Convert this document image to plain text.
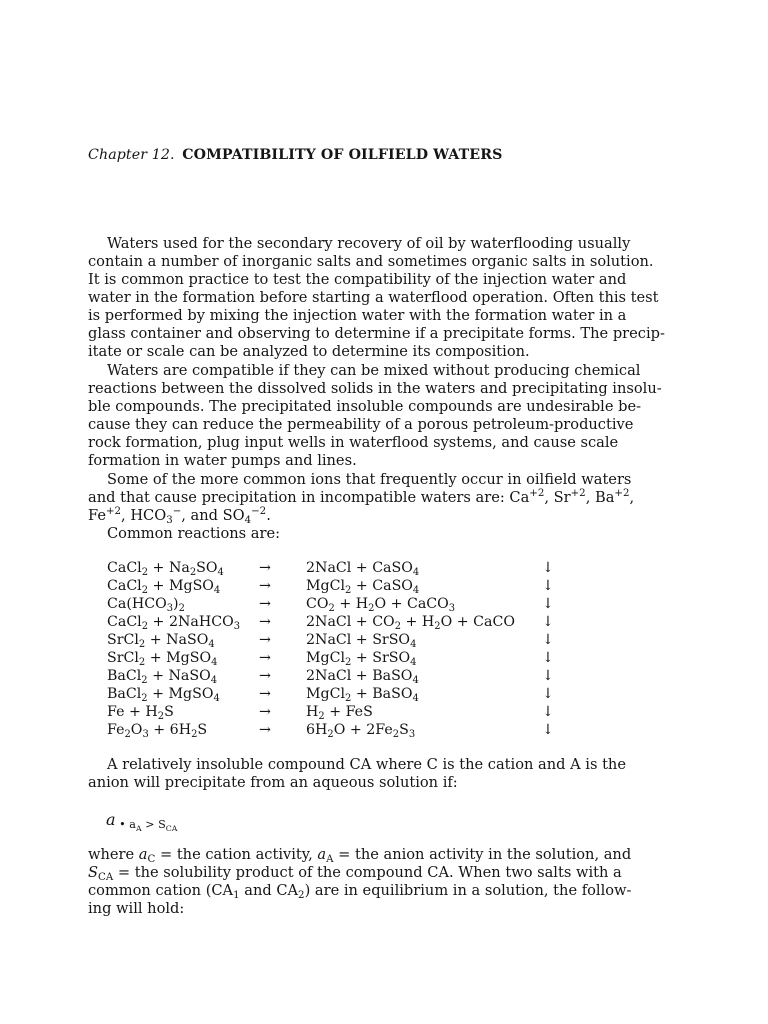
Chapter 12. COMPATIBILITY OF OILFIELD WATERS
Waters used for the secondary recovery of oil by waterflooding usually
contain a number of inorganic salts and sometimes organic salts in solution.
It is common practice to test the compatibility of the injection water and
water in the formation before starting a waterflood operation. Often this test
is performed by mixing the injection water with the formation water in a
glass container and observing to determine if a precipitate forms. The precip-
itate or scale can be analyzed to determine its composition.
Waters are compatible if they can be mixed without producing chemical
reactions between the dissolved solids in the waters and precipitating insolu-
ble compounds. The precipitated insoluble compounds are undesirable be-
cause they can reduce the permeability of a porous petroleum-productive
rock formation, plug input wells in waterflood systems, and cause scale
formation in water pumps and lines.
Some of the more common ions that frequently occur in oilfield waters
and that cause precipitation in incompatible waters are: $Ca^{+2}$, $Sr^{+2}$, $Ba^{+2}$,
$Fe^{+2}$, $HCO_3^-$, and $SO_4^{-2}$.
Common reactions are:
CaCl$_2$ + $Na_2SO_4$ → 2NaCl + CaSO$_4$	↓
CaCl$_2$ + MgSO$_4$	→ MgCl$_2$ + CaSO$_4$	↓
$Ca(HCO_3)_2$	→ $CO_2 + H_2O$ + CaCO$_3$	↓
CaCl$_2$ + 2NaHCO$_3$ → 2NaCl + $CO_2 + H_2O$ + CaCO ↓
SrCl$_2$ + NaSO$_4$	→ 2NaCl + SrSO$_4$	↓
SrCl$_2$ + MgSO$_4$	→ MgCl$_2$ + SrSO$_4$	↓
BaCl$_2$ + NaSO$_4$	→ 2NaCl + BaSO$_4$	↓
BaCl$_2$ + MgSO$_4$	→ MgCl$_2$ + BaSO$_4$	↓
$Fe + H_2S$	→ $H_2$ + FeS	↓
$Fe_2O_3 + 6H_2S$	→ $6H_2O + 2Fe_2S_3$	↓
A relatively insoluble compound CA where C is the cation and A is the
anion will precipitate from an aqueous solution if:
a $_{• a_A > S_{CA}}$
where $a_C$ = the cation activity, $a_A$ = the anion activity in the solution, and
$S_{CA}$ = the solubility product of the compound CA. When two salts with a
common cation ($CA_1$ and $CA_2$) are in equilibrium in a solution, the follow-
ing will hold:
